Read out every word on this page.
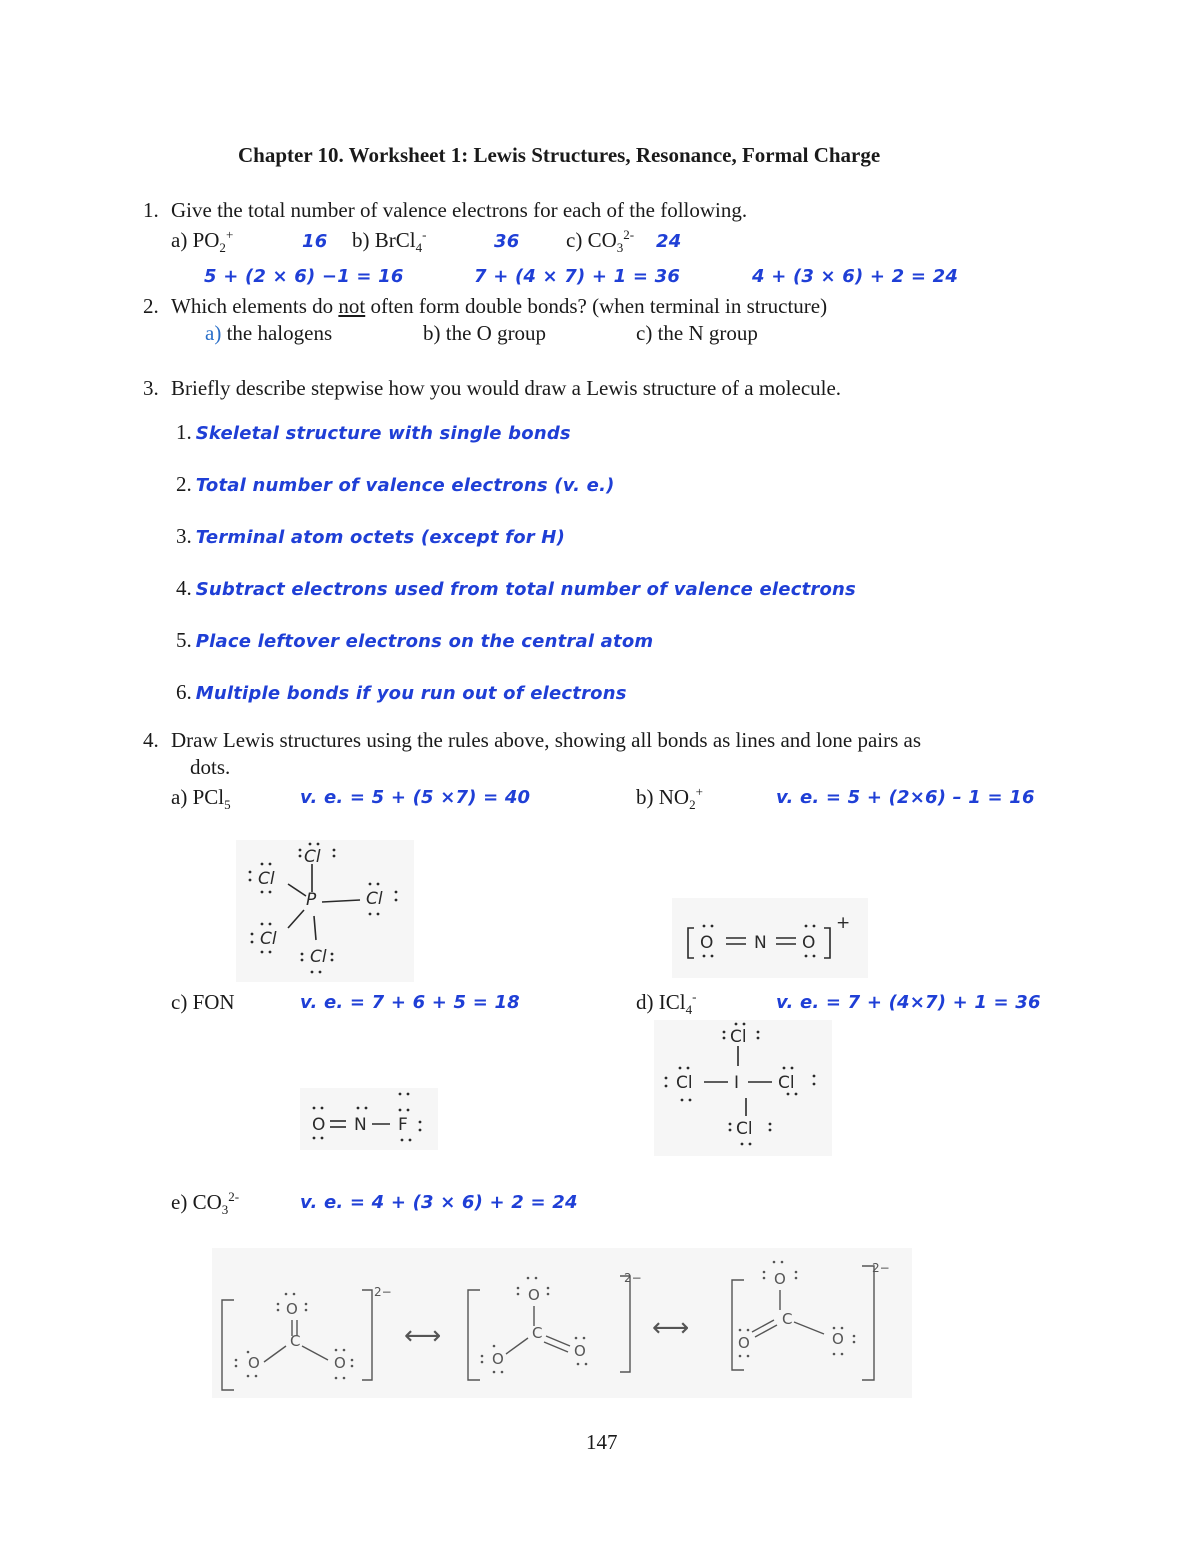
Chapter 10. Worksheet 1: Lewis Structures, Resonance, Formal Charge
1. Give the total number of valence electrons for each of the following.
a) $PO_2^+$	16 b) BrCl$_4$-	36 c) $CO_3^{2-}$ 24
5 + (2 × 6) −1 = 16	7 + (4 × 7) + 1 = 36	4 + (3 × 6) + 2 = 24
2. Which elements do not often form double bonds? (when terminal in structure)
a) the halogens	b) the O group	c) the N group
3. Briefly describe stepwise how you would draw a Lewis structure of a molecule.
1. Skeletal structure with single bonds
2. Total number of valence electrons (v. e.)
3. Terminal atom octets (except for H)
4. Subtract electrons used from total number of valence electrons
5. Place leftover electrons on the central atom
6. Multiple bonds if you run out of electrons
4. Draw Lewis structures using the rules above, showing all bonds as lines and lone pairs as
dots.
a) PCl$_5$	v. e. = 5 + (5 ×7) = 40	b) $NO_2^+$	v. e. = 5 + (2×6) – 1 = 16
P
Cl
Cl
Cl
Cl
Cl
O N O
+
c) FON	v. e. = 7 + 6 + 5 = 18	d) ICl$_4$-	v. e. = 7 + (4×7) + 1 = 36
O N F
I
Cl
Cl	Cl
Cl
e) $CO_3^{2-}$	v. e. = 4 + (3 × 6) + 2 = 24
O
C
O	O
2−	O
C
O	O
2−	O
C
O	O
2−
⟷	⟷
147
